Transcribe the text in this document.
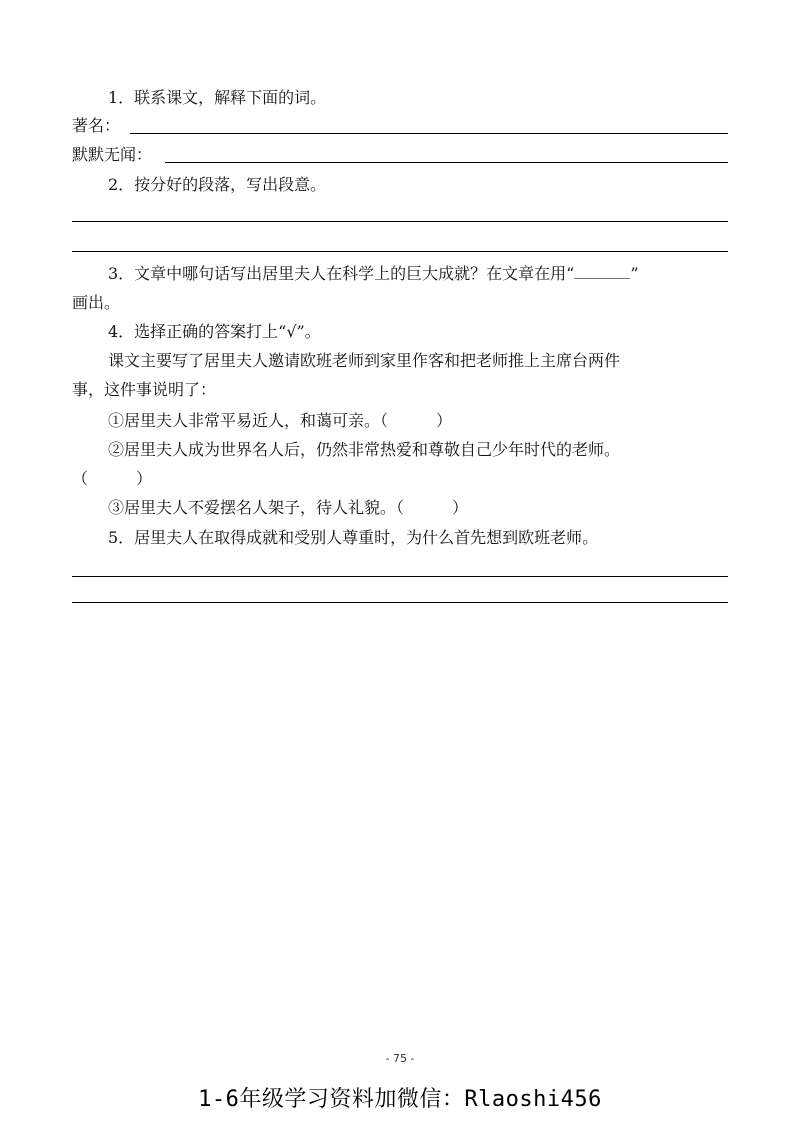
1．联系课文，解释下面的词。
著名：
默默无闻：
2．按分好的段落，写出段意。
3．文章中哪句话写出居里夫人在科学上的巨大成就？在文章在用“	”
画出。
4．选择正确的答案打上“√”。
课文主要写了居里夫人邀请欧班老师到家里作客和把老师推上主席台两件
事，这件事说明了：
①居里夫人非常平易近人，和蔼可亲。（　　　）
②居里夫人成为世界名人后，仍然非常热爱和尊敬自己少年时代的老师。
（　　　）
③居里夫人不爱摆名人架子，待人礼貌。（　　　）
5．居里夫人在取得成就和受别人尊重时，为什么首先想到欧班老师。
- 75 -
1-6年级学习资料加微信：Rlaoshi456
